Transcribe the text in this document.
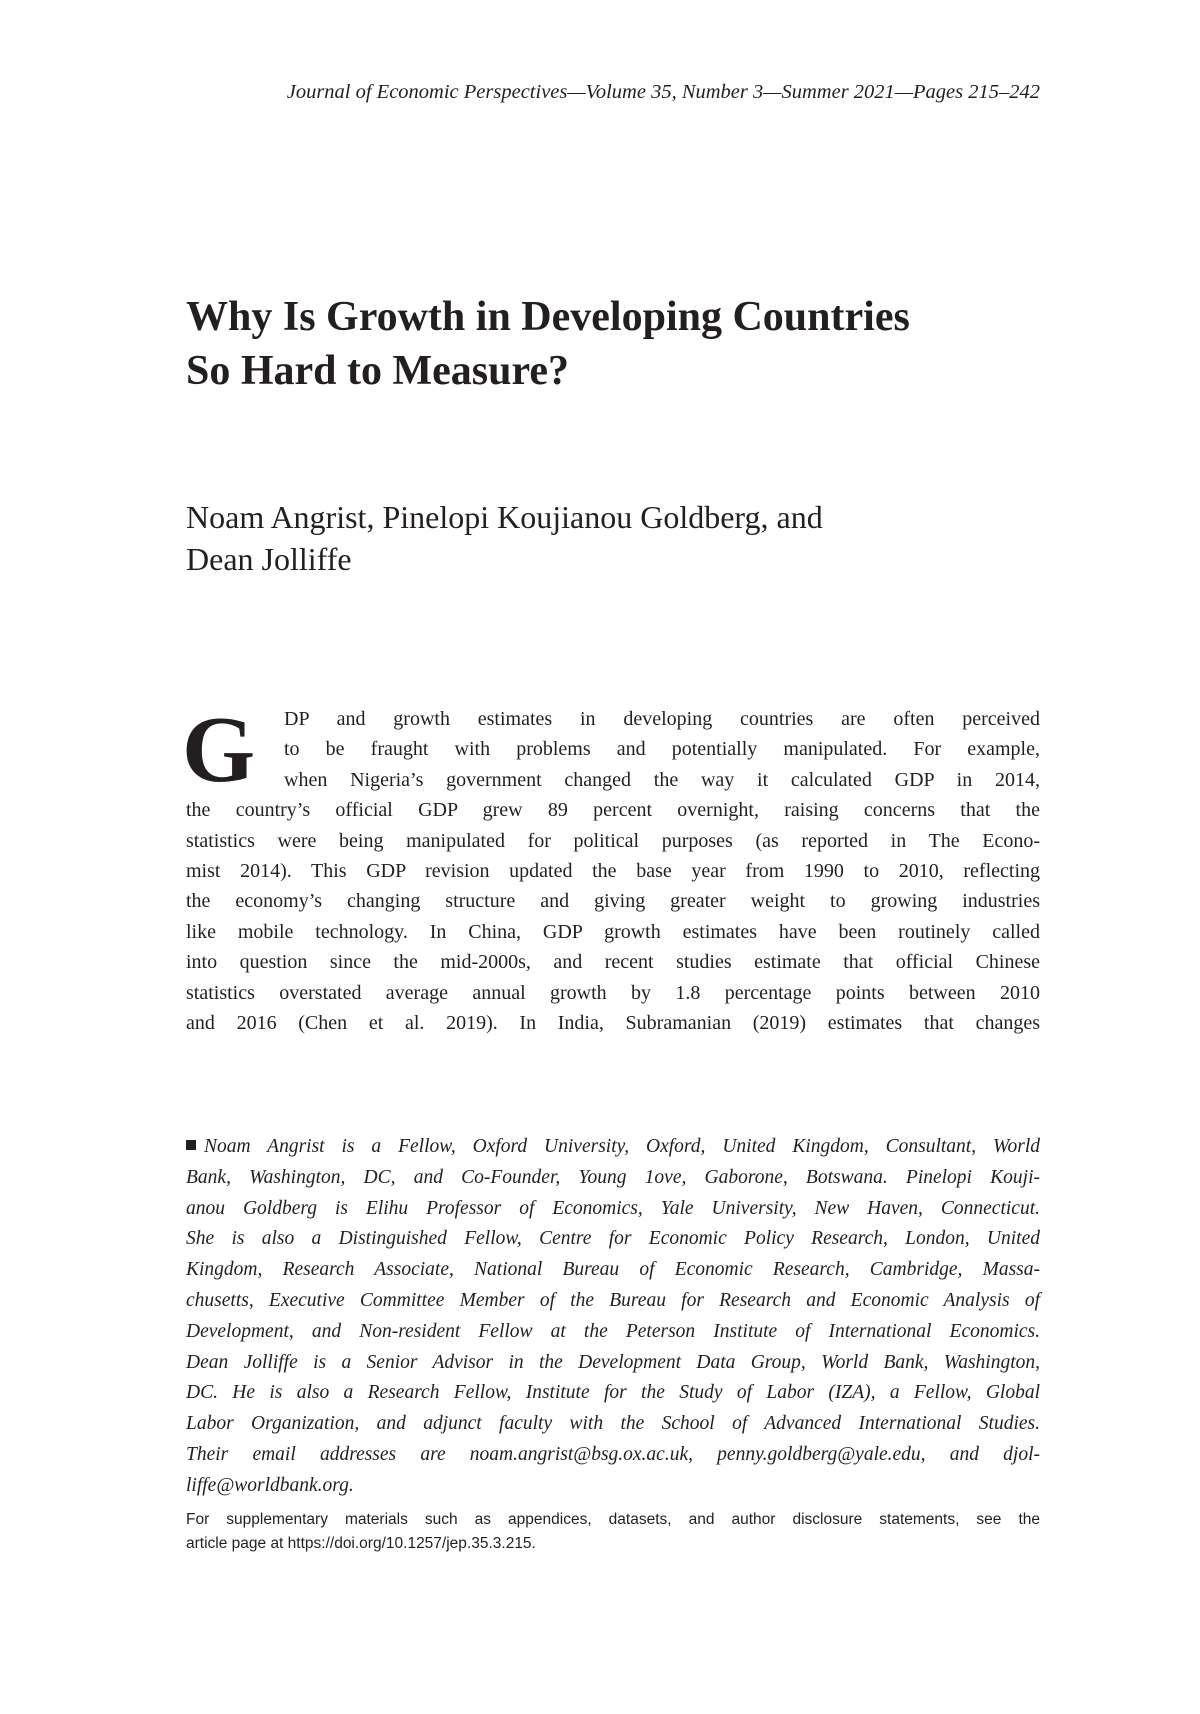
Journal of Economic Perspectives—Volume 35, Number 3—Summer 2021—Pages 215–242
Why Is Growth in Developing Countries
So Hard to Measure?
Noam Angrist, Pinelopi Koujianou Goldberg, and
Dean Jolliffe
G	DP and growth estimates in developing countries are often perceived
to be fraught with problems and potentially manipulated. For example,
when Nigeria’s government changed the way it calculated GDP in 2014,
the country’s official GDP grew 89 percent overnight, raising concerns that the
statistics were being manipulated for political purposes (as reported in The Econo-
mist 2014). This GDP revision updated the base year from 1990 to 2010, reflecting
the economy’s changing structure and giving greater weight to growing industries
like mobile technology. In China, GDP growth estimates have been routinely called
into question since the mid-2000s, and recent studies estimate that official Chinese
statistics overstated average annual growth by 1.8 percentage points between 2010
and 2016 (Chen et al. 2019). In India, Subramanian (2019) estimates that changes
Noam Angrist is a Fellow, Oxford University, Oxford, United Kingdom, Consultant, World
Bank, Washington, DC, and Co-Founder, Young 1ove, Gaborone, Botswana. Pinelopi Kouji-
anou Goldberg is Elihu Professor of Economics, Yale University, New Haven, Connecticut.
She is also a Distinguished Fellow, Centre for Economic Policy Research, London, United
Kingdom, Research Associate, National Bureau of Economic Research, Cambridge, Massa-
chusetts, Executive Committee Member of the Bureau for Research and Economic Analysis of
Development, and Non-resident Fellow at the Peterson Institute of International Economics.
Dean Jolliffe is a Senior Advisor in the Development Data Group, World Bank, Washington,
DC. He is also a Research Fellow, Institute for the Study of Labor (IZA), a Fellow, Global
Labor Organization, and adjunct faculty with the School of Advanced International Studies.
Their email addresses are noam.angrist@bsg.ox.ac.uk, penny.goldberg@yale.edu, and djol-
liffe@worldbank.org.
For supplementary materials such as appendices, datasets, and author disclosure statements, see the
article page at https://doi.org/10.1257/jep.35.3.215.
